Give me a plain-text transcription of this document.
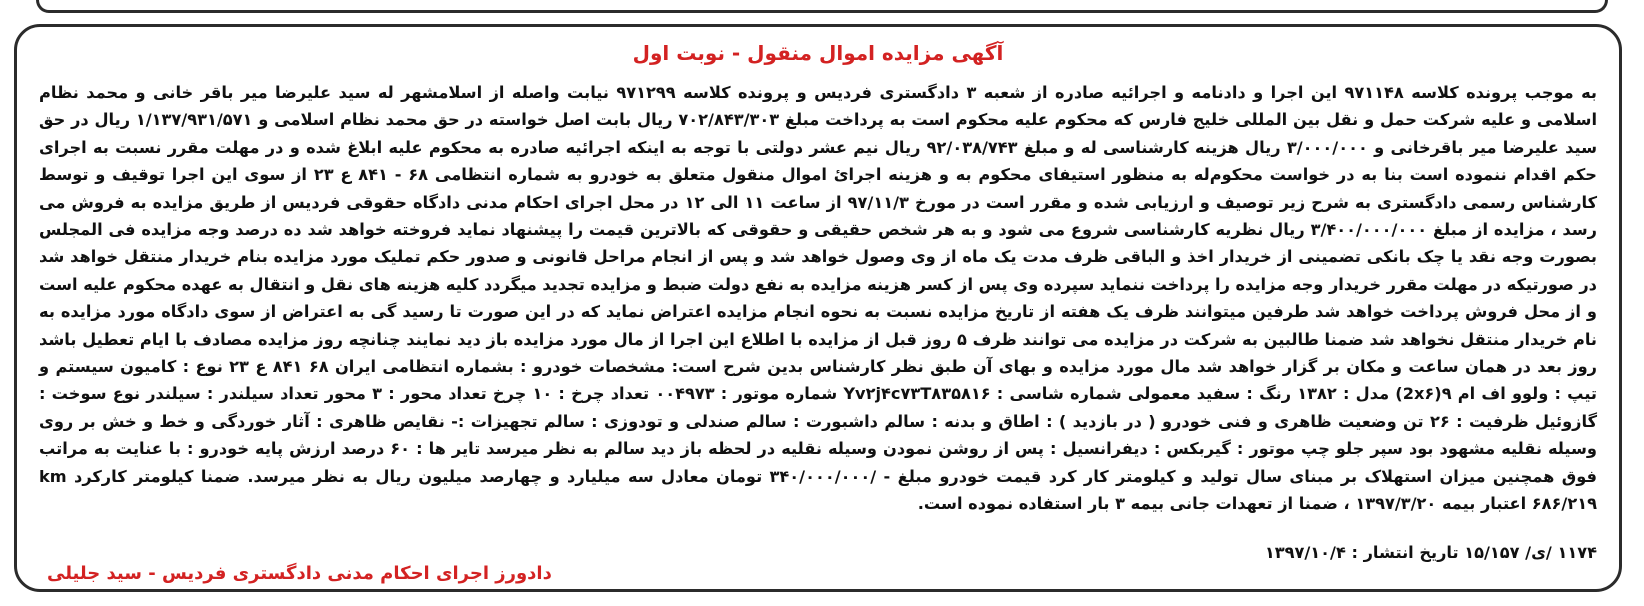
آگهی مزایده اموال منقول - نوبت اول
به موجب پرونده کلاسه ۹۷۱۱۴۸ این اجرا و دادنامه و اجرائیه صادره از شعبه ۳ دادگستری فردیس و پرونده کلاسه ۹۷۱۲۹۹ نیابت واصله از اسلامشهر له سید علیرضا میر باقر خانی و محمد نظام اسلامی و علیه شرکت حمل و نقل بین المللی خلیج فارس که محکوم علیه محکوم است به پرداخت مبلغ ۷۰۲/۸۴۳/۳۰۳ ریال بابت اصل خواسته در حق محمد نظام اسلامی و ۱/۱۳۷/۹۳۱/۵۷۱ ریال در حق سید علیرضا میر باقرخانی و ۳/۰۰۰/۰۰۰ ریال هزینه کارشناسی له و مبلغ ۹۲/۰۳۸/۷۴۳ ریال نیم عشر دولتی با توجه به اینکه اجرائیه صادره به محکوم علیه ابلاغ شده و در مهلت مقرر نسبت به اجرای حکم اقدام ننموده است بنا به در خواست محکوم‌له به منظور استیفای محکوم به و هزینه اجرائ اموال منقول متعلق به خودرو به شماره انتظامی ۶۸ - ۸۴۱ ع ۲۳ از سوی این اجرا توقیف و توسط کارشناس رسمی دادگستری به شرح زیر توصیف و ارزیابی شده و مقرر است در مورخ ۹۷/۱۱/۳ از ساعت ۱۱ الی ۱۲ در محل اجرای احکام مدنی دادگاه حقوقی فردیس از طریق مزایده به فروش می رسد ، مزایده از مبلغ ۳/۴۰۰/۰۰۰/۰۰۰ ریال نظریه کارشناسی شروع می شود و به هر شخص حقیقی و حقوقی که بالاترین قیمت را پیشنهاد نماید فروخته خواهد شد ده درصد وجه مزایده فی المجلس بصورت وجه نقد یا چک بانکی تضمینی از خریدار اخذ و الباقی ظرف مدت یک ماه از وی وصول خواهد شد و پس از انجام مراحل قانونی و صدور حکم تملیک مورد مزایده بنام خریدار منتقل خواهد شد در صورتیکه در مهلت مقرر خریدار وجه مزایده را پرداخت ننماید سپرده وی پس از کسر هزینه مزایده به نفع دولت ضبط و مزایده تجدید میگردد کلیه هزینه های نقل و انتقال به عهده محکوم علیه است و از محل فروش پرداخت خواهد شد طرفین میتوانند ظرف یک هفته از تاریخ مزایده نسبت به نحوه انجام مزایده اعتراض نماید که در این صورت تا رسید گی به اعتراض از سوی دادگاه مورد مزایده به نام خریدار منتقل نخواهد شد ضمنا طالبین به شرکت در مزایده می توانند ظرف ۵ روز قبل از مزایده با اطلاع این اجرا از مال مورد مزایده باز دید نمایند چنانچه روز مزایده مصادف با ایام تعطیل باشد روز بعد در همان ساعت و مکان بر گزار خواهد شد مال مورد مزایده و بهای آن طبق نظر کارشناس بدین شرح است: مشخصات خودرو : بشماره انتظامی ایران ۶۸ ۸۴۱ ع ۲۳ نوع : کامیون سیستم و تیپ : ولوو اف ام ۹(2x۶) مدل : ۱۳۸۲ رنگ : سفید معمولی شماره شاسی : Yv۲j۴c۷۳T۸۳۵۸۱۶ شماره موتور : ۰۰۴۹۷۳ تعداد چرخ : ۱۰ چرخ تعداد محور : ۳ محور تعداد سیلندر : سیلندر نوع سوخت : گازوئیل ظرفیت : ۲۶ تن وضعیت ظاهری و فنی خودرو ( در بازدید ) : اطاق و بدنه : سالم داشبورت : سالم صندلی و تودوزی : سالم تجهیزات :- نقایص ظاهری : آثار خوردگی و خط و خش بر روی وسیله نقلیه مشهود بود سپر جلو چپ موتور : گیربکس : دیفرانسیل : پس از روشن نمودن وسیله نقلیه در لحظه باز دید سالم به نظر میرسد تایر ها : ۶۰ درصد ارزش پایه خودرو : با عنایت به مراتب فوق همچنین میزان استهلاک بر مبنای سال تولید و کیلومتر کار کرد قیمت خودرو مبلغ - /۳۴۰/۰۰۰/۰۰۰ تومان معادل سه میلیارد و چهارصد میلیون ریال به نظر میرسد. ضمنا کیلومتر کارکرد km ۶۸۶/۲۱۹ اعتبار بیمه ۱۳۹۷/۳/۲۰ ، ضمنا از تعهدات جانی بیمه ۳ بار استفاده نموده است.
۱۱۷۴ /ی/ ۱۵/۱۵۷ تاریخ انتشار : ۱۳۹۷/۱۰/۴
دادورز اجرای احکام مدنی دادگستری فردیس - سید جلیلی
